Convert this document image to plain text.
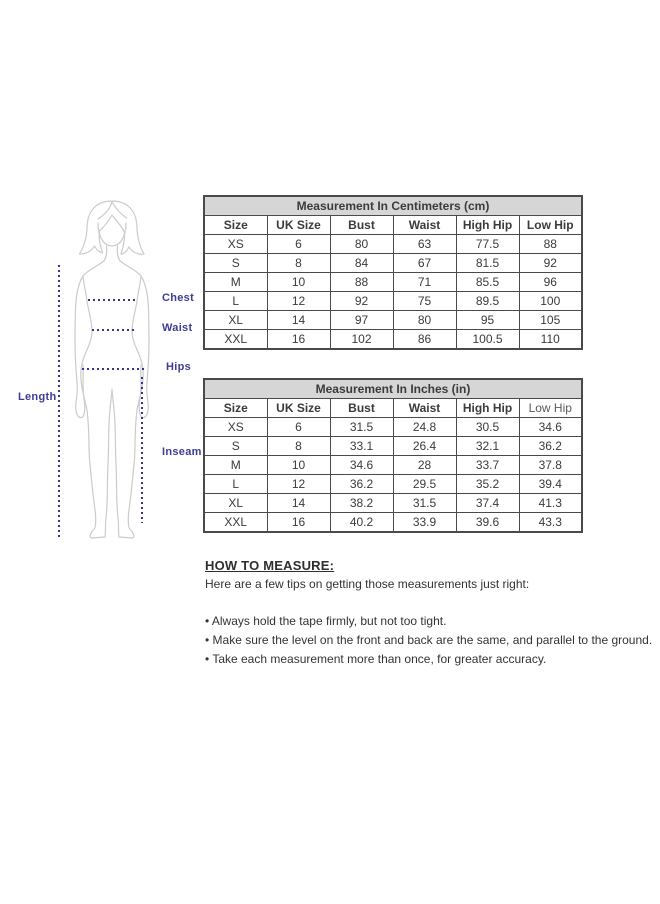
Length
Chest
Waist
Hips
Inseam
Measurement In Centimeters (cm)					
Size	UK Size	Bust	Waist	High Hip	Low Hip
XS	6	80	63	77.5	88
S	8	84	67	81.5	92
M	10	88	71	85.5	96
L	12	92	75	89.5	100
XL	14	97	80	95	105
XXL	16	102	86	100.5	110
Measurement In Inches (in)					
Size	UK Size	Bust	Waist	High Hip	Low Hip
XS	6	31.5	24.8	30.5	34.6
S	8	33.1	26.4	32.1	36.2
M	10	34.6	28	33.7	37.8
L	12	36.2	29.5	35.2	39.4
XL	14	38.2	31.5	37.4	41.3
XXL	16	40.2	33.9	39.6	43.3
HOW TO MEASURE:

Here are a few tips on getting those measurements just right:

• Always hold the tape firmly, but not too tight.
• Make sure the level on the front and back are the same, and parallel to the ground.
• Take each measurement more than once, for greater accuracy.
